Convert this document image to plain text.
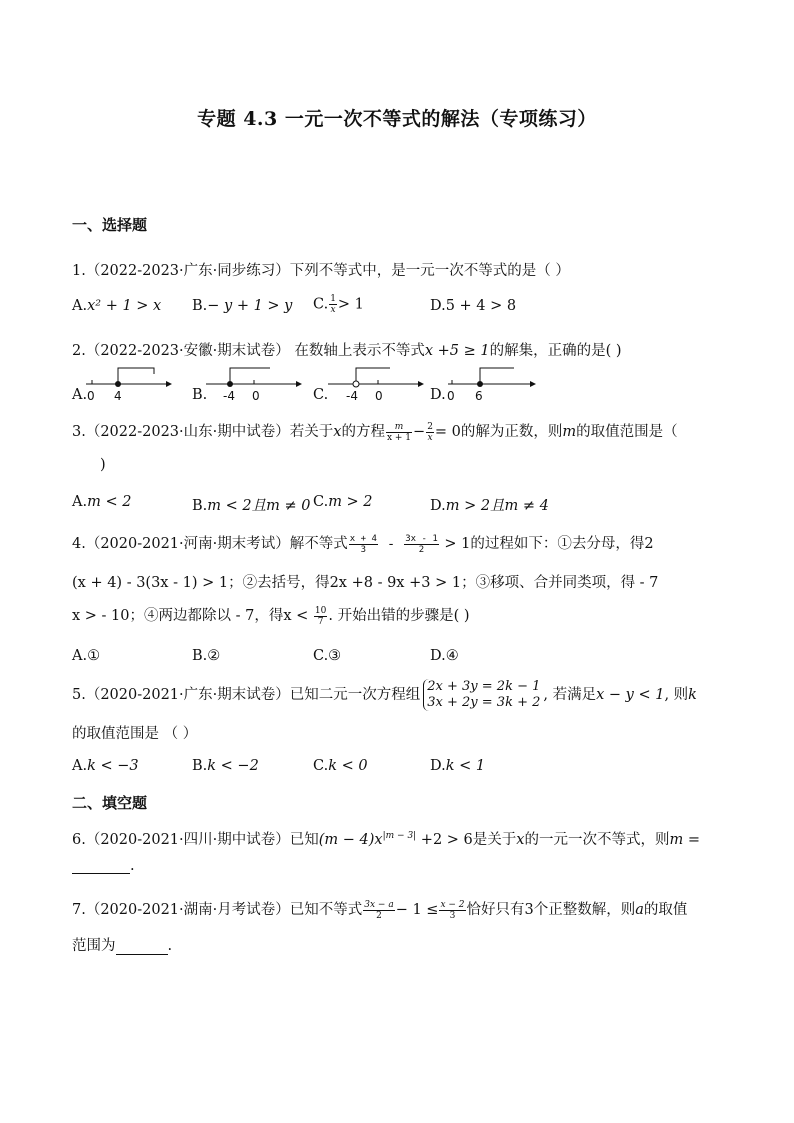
专题 4.3 一元一次不等式的解法（专项练习）
一、选择题
1.（2022-2023·广东·同步练习）下列不等式中，是一元一次不等式的是（ ）
A.x² + 1 > x B.− y + 1 > y C. $\frac{1}{x} > 1$	D.5 + 4 > 8
2.（2022-2023·安徽·期末试卷） 在数轴上表示不等式x +5 ≥ 1的解集，正确的是( )
A. 0 4	B. -4 0	C. -4 0	D. 0 6
3.（2022-2023·山东·期中试卷）若关于x的方程 $\frac{m}{x + 1} - \frac{2}{x} = 0$的解为正数，则m的取值范围是（
)
A.m < 2	B.m < 2且m ≠ 0 C.m > 2	D.m > 2且m ≠ 4
4.（2020-2021·河南·期末考试）解不等式 $\frac{x + 4}{3} - \frac{3x - 1}{2} > 1$的过程如下：①去分母，得2
(x + 4) - 3(3x - 1) > 1；②去括号，得2x +8 - 9x +3 > 1；③移项、合并同类项，得 - 7
x > - 10；④两边都除以 - 7，得$x < \frac{10}{7}$ . 开始出错的步骤是( )
A.①	B.②	C.③	D.④
5.（2020-2021·广东·期末试卷）已知二元一次方程组
2x + 3y = 2k − 1
3x + 2y = 3k + 2 , 若满足x − y < 1, 则k
的取值范围是 （ ）
A.k < −3	B.k < −2	C.k < 0	D.k < 1
二、填空题
6.（2020-2021·四川·期中试卷）已知$(m - 4)x^{|m - 3|} +2 > 6$是关于x的一元一次不等式，则m =
.
7.（2020-2021·湖南·月考试卷）已知不等式 $\frac{3x - a}{2} - 1 \le \frac{x - 2}{3}$ 恰好只有3个正整数解，则a的取值
范围为	.
